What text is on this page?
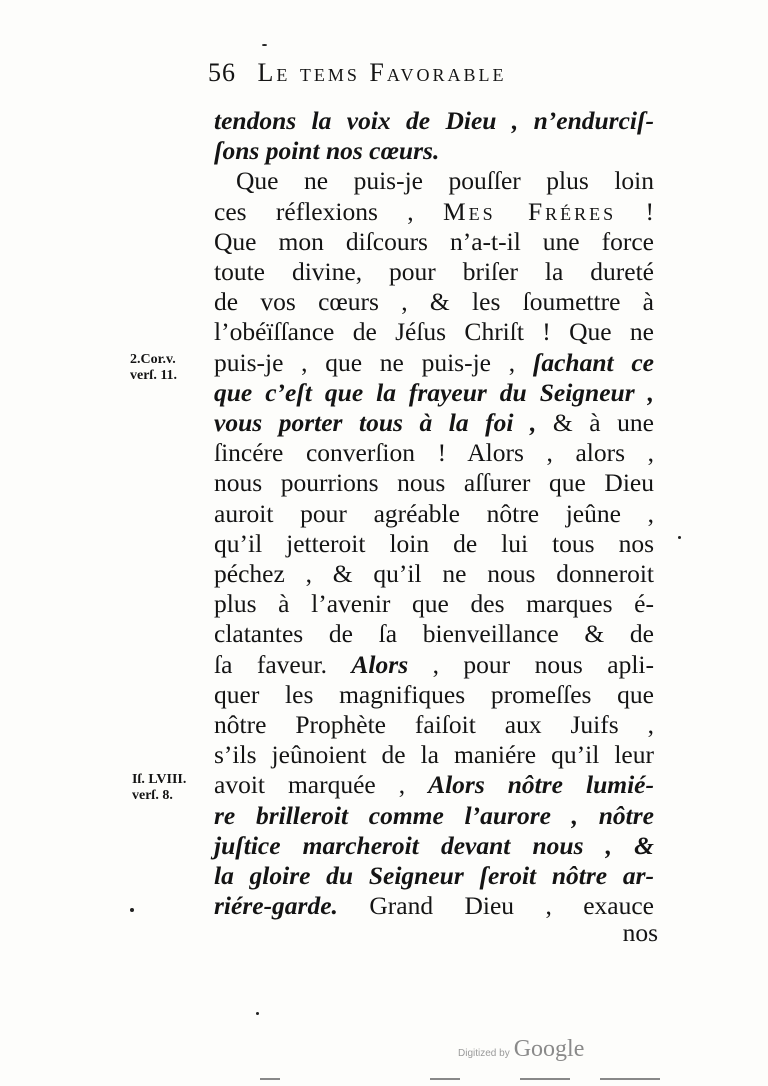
56 Le tems Favorable
tendons la voix de Dieu , n’endurciſ-
ſons point nos cœurs.
Que ne puis-je pouſſer plus loin
ces réflexions , Mes Fréres !
Que mon diſcours n’a-t-il une force
toute divine, pour briſer la dureté
de vos cœurs , & les ſoumettre à
l’obéïſſance de Jéſus Chriſt ! Que ne
puis-je , que ne puis-je , ſachant ce
que c’eſt que la frayeur du Seigneur ,
vous porter tous à la foi , & à une
ſincére converſion ! Alors , alors ,
nous pourrions nous aſſurer que Dieu
auroit pour agréable nôtre jeûne ,
qu’il jetteroit loin de lui tous nos
péchez , & qu’il ne nous donneroit
plus à l’avenir que des marques é-
clatantes de ſa bienveillance & de
ſa faveur. Alors , pour nous apli-
quer les magnifiques promeſſes que
nôtre Prophète faiſoit aux Juifs ,
s’ils jeûnoient de la maniére qu’il leur
avoit marquée , Alors nôtre lumié-
re brilleroit comme l’aurore , nôtre
juſtice marcheroit devant nous , &
la gloire du Seigneur ſeroit nôtre ar-
riére-garde. Grand Dieu , exauce
2.Cor.v.
verſ. 11.
Iſ. LVIII.
verſ. 8.
nos
Digitized by Google
